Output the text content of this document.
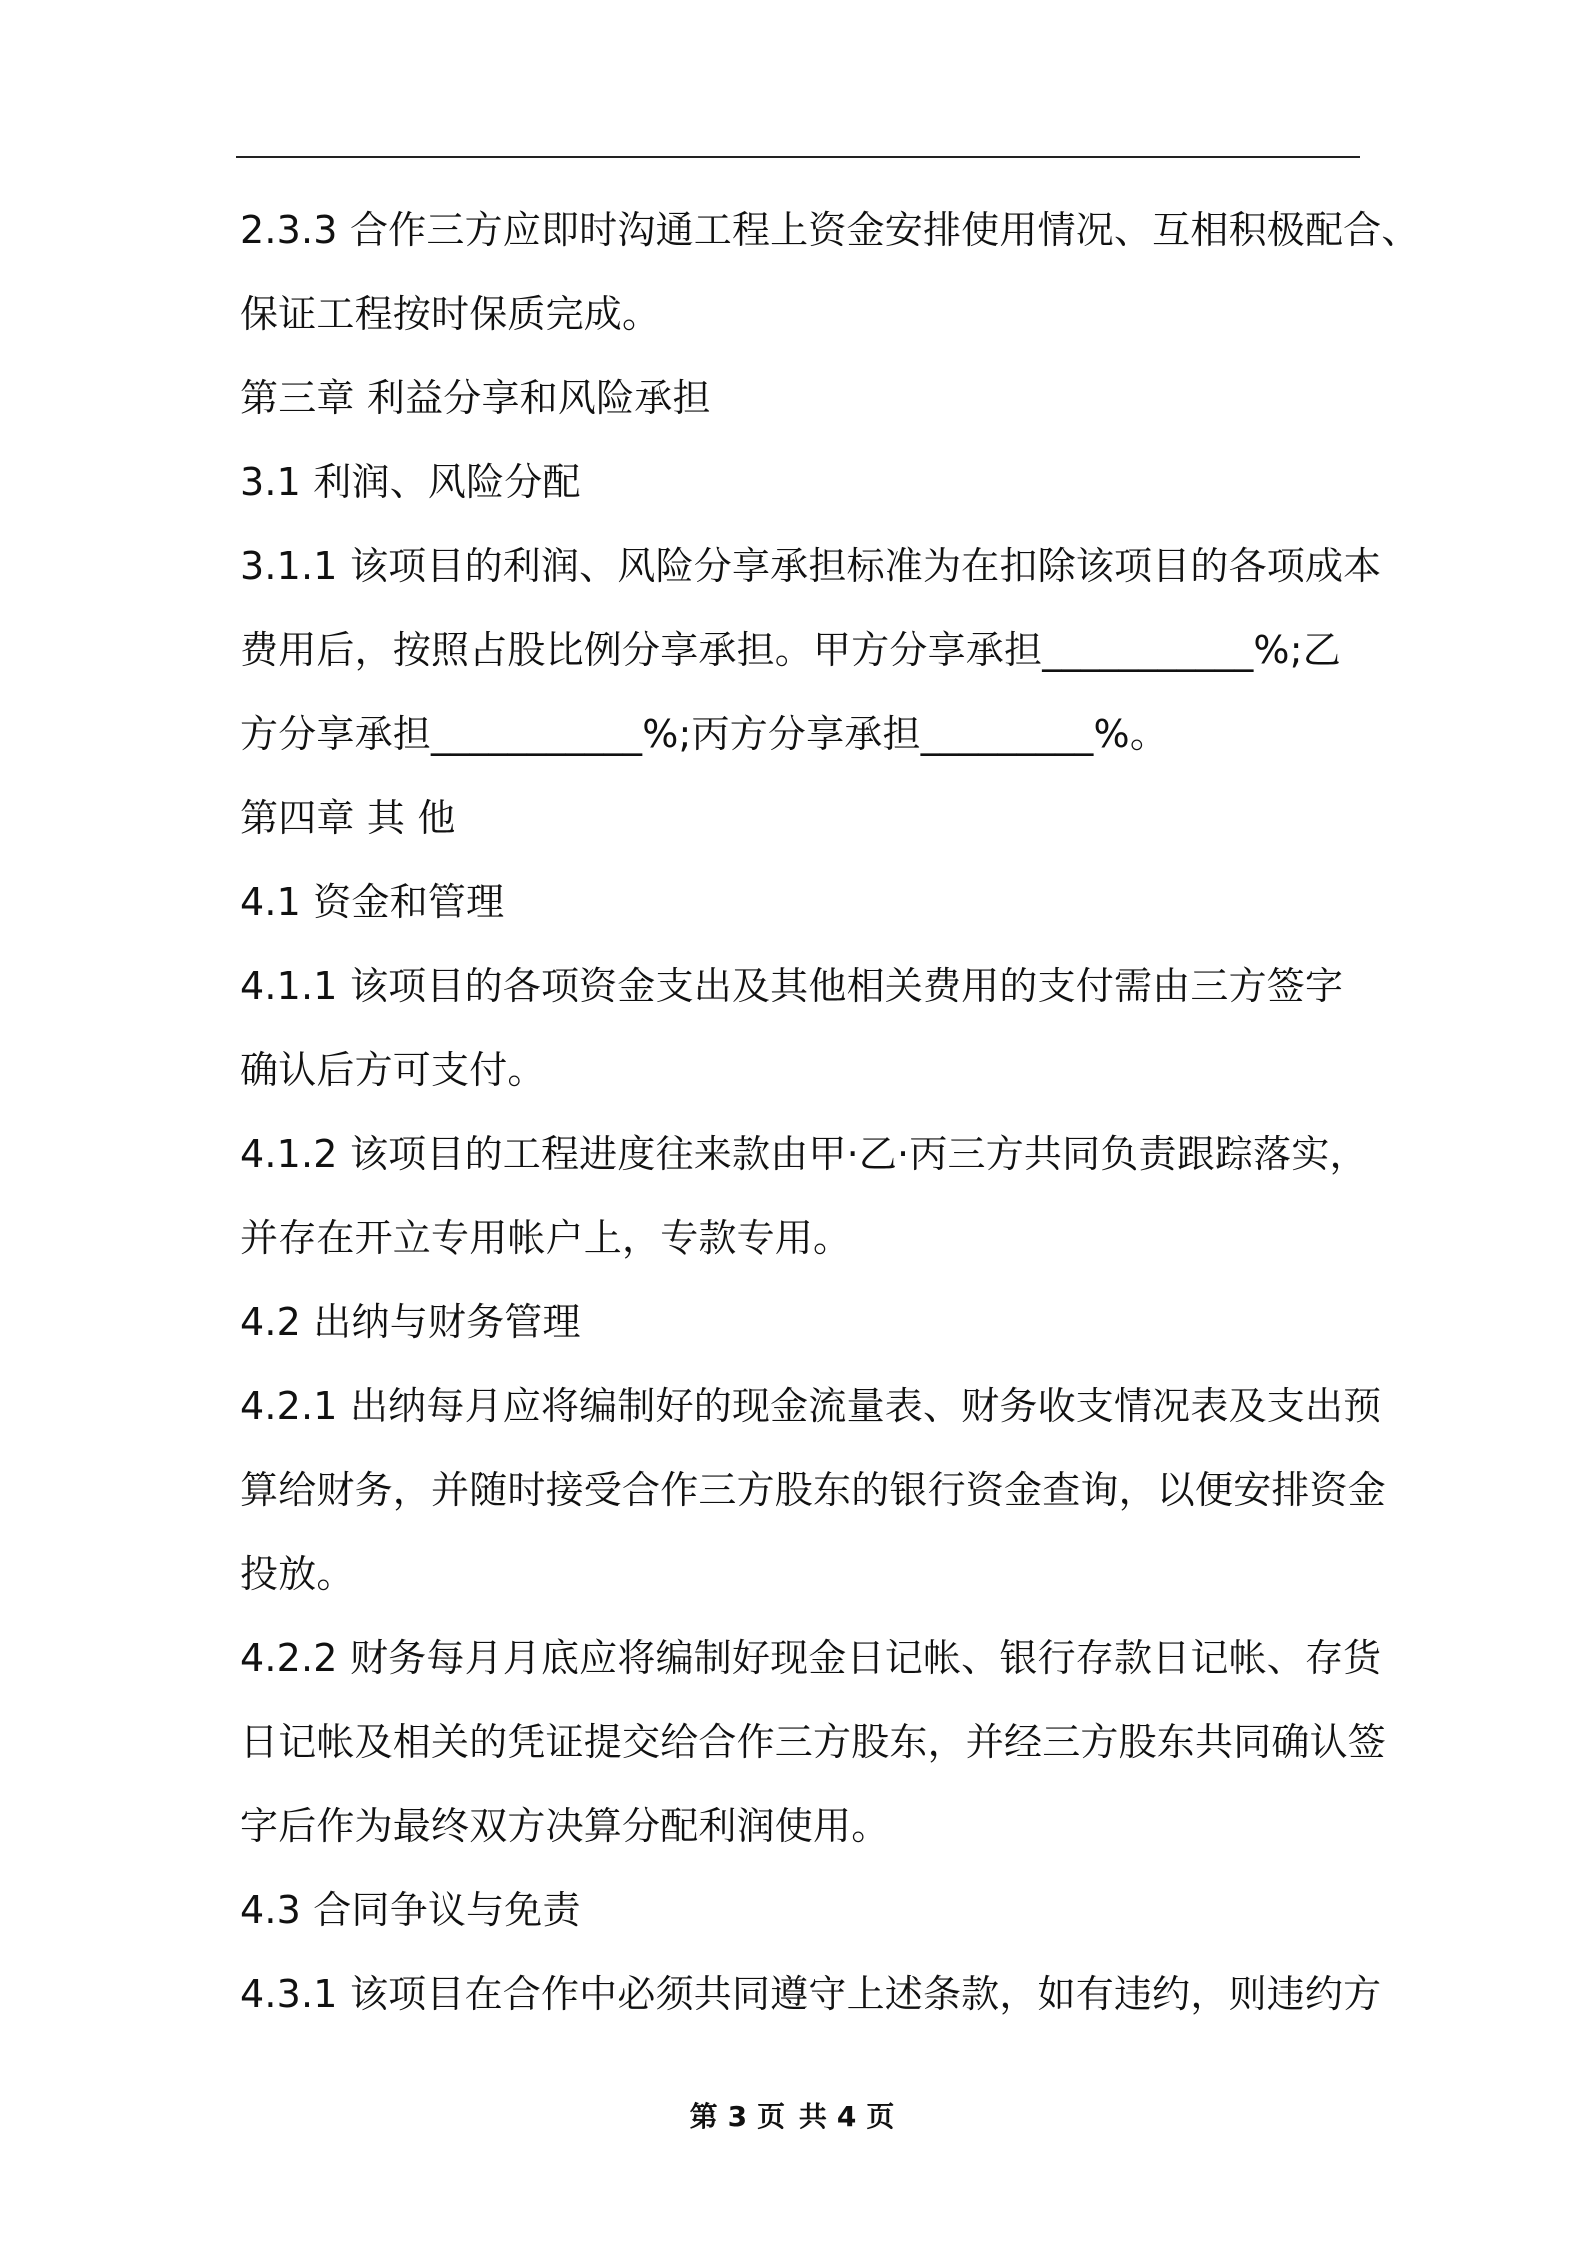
2.3.3 合作三方应即时沟通工程上资金安排使用情况、互相积极配合、
保证工程按时保质完成。
第三章 利益分享和风险承担
3.1 利润、风险分配
3.1.1 该项目的利润、风险分享承担标准为在扣除该项目的各项成本
费用后，按照占股比例分享承担。甲方分享承担___________%;乙
方分享承担___________%;丙方分享承担_________%。
第四章 其 他
4.1 资金和管理
4.1.1 该项目的各项资金支出及其他相关费用的支付需由三方签字
确认后方可支付。
4.1.2 该项目的工程进度往来款由甲·乙·丙三方共同负责跟踪落实，
并存在开立专用帐户上，专款专用。
4.2 出纳与财务管理
4.2.1 出纳每月应将编制好的现金流量表、财务收支情况表及支出预
算给财务，并随时接受合作三方股东的银行资金查询，以便安排资金
投放。
4.2.2 财务每月月底应将编制好现金日记帐、银行存款日记帐、存货
日记帐及相关的凭证提交给合作三方股东，并经三方股东共同确认签
字后作为最终双方决算分配利润使用。
4.3 合同争议与免责
4.3.1 该项目在合作中必须共同遵守上述条款，如有违约，则违约方
第 3 页 共 4 页
